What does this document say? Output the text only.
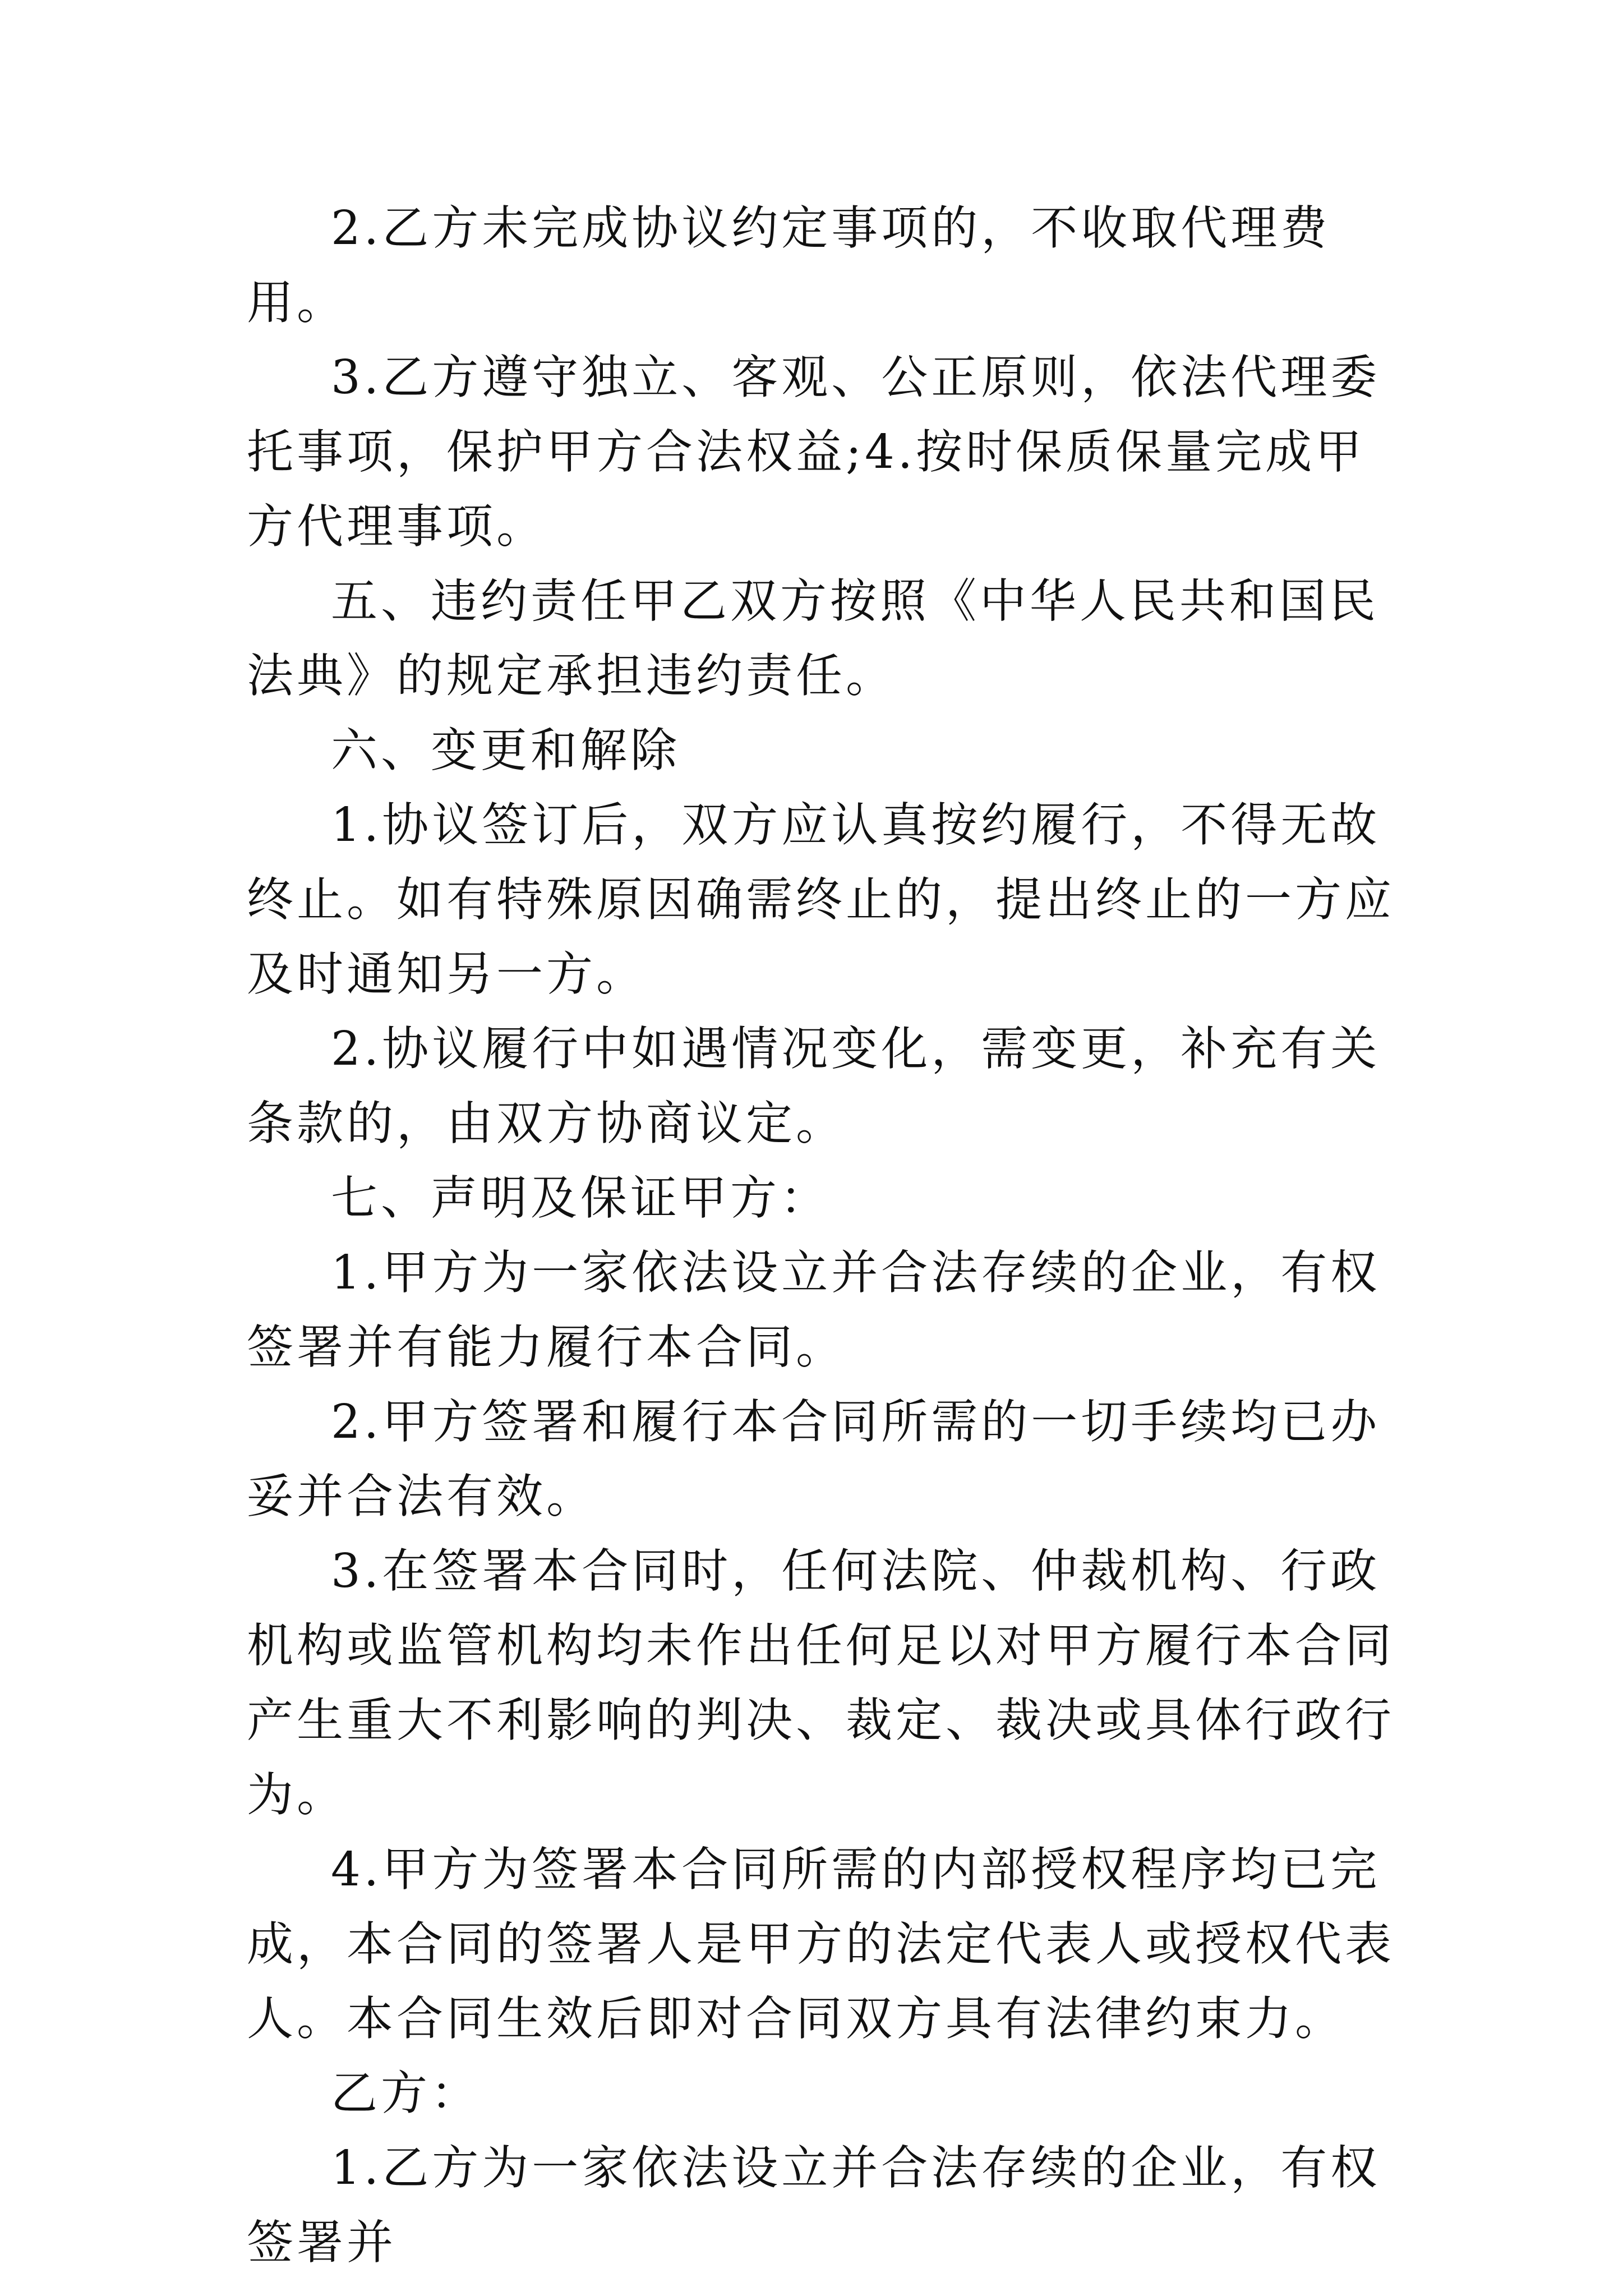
2.乙方未完成协议约定事项的，不收取代理费用。

3.乙方遵守独立、客观、公正原则，依法代理委托事项，保护甲方合法权益;4.按时保质保量完成甲方代理事项。

五、违约责任甲乙双方按照《中华人民共和国民法典》的规定承担违约责任。

六、变更和解除

1.协议签订后，双方应认真按约履行，不得无故终止。如有特殊原因确需终止的，提出终止的一方应及时通知另一方。

2.协议履行中如遇情况变化，需变更，补充有关条款的，由双方协商议定。

七、声明及保证甲方：

1.甲方为一家依法设立并合法存续的企业，有权签署并有能力履行本合同。

2.甲方签署和履行本合同所需的一切手续均已办妥并合法有效。

3.在签署本合同时，任何法院、仲裁机构、行政机构或监管机构均未作出任何足以对甲方履行本合同产生重大不利影响的判决、裁定、裁决或具体行政行为。

4.甲方为签署本合同所需的内部授权程序均已完成，本合同的签署人是甲方的法定代表人或授权代表人。本合同生效后即对合同双方具有法律约束力。

乙方：

1.乙方为一家依法设立并合法存续的企业，有权签署并
